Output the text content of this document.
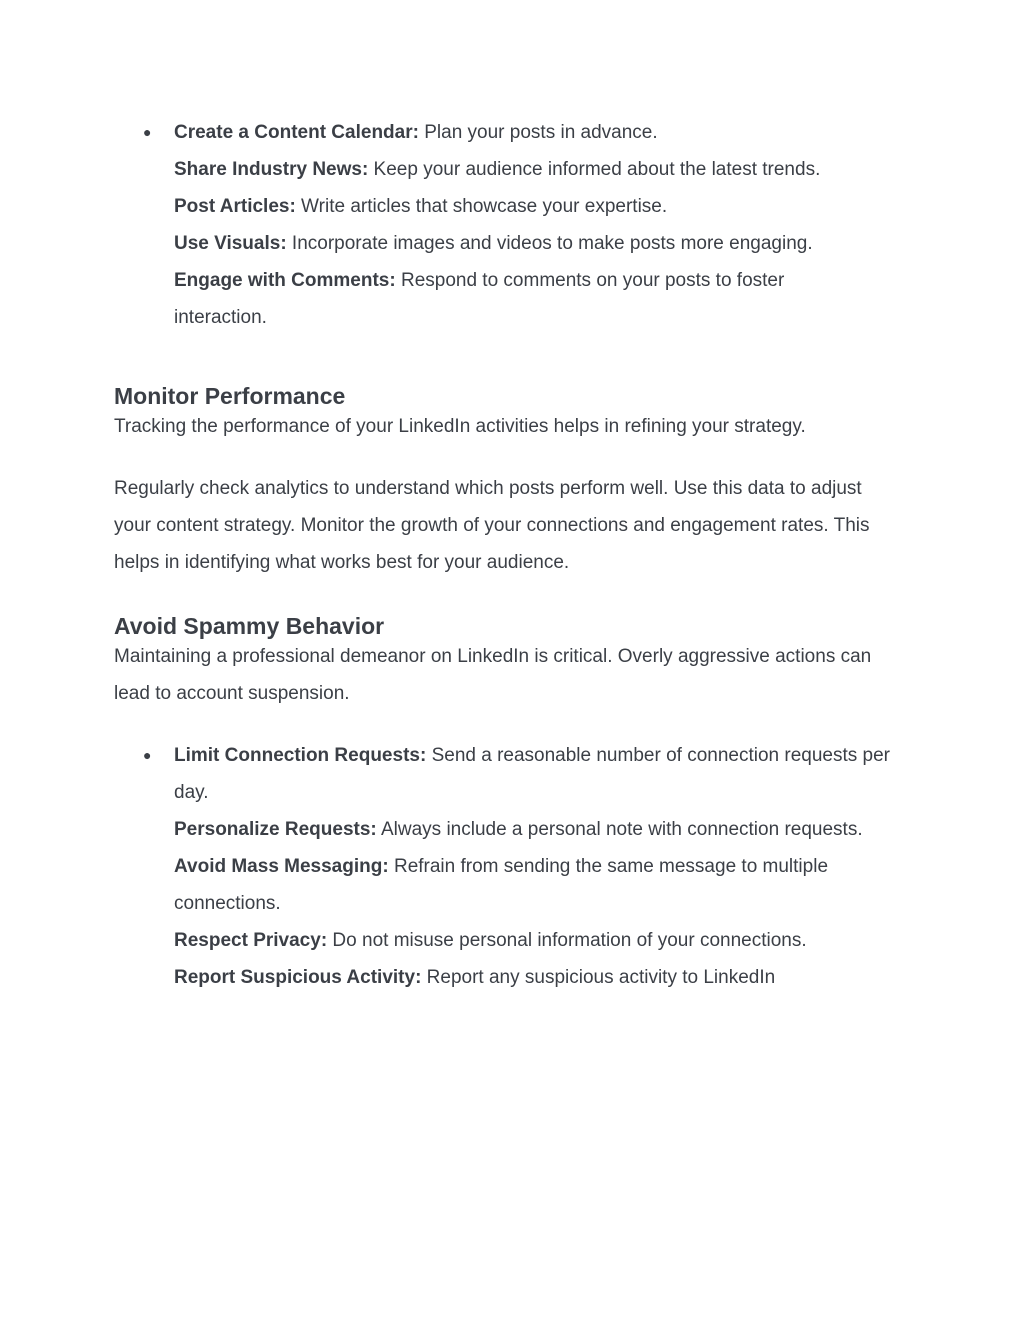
● Create a Content Calendar: Plan your posts in advance.
Share Industry News: Keep your audience informed about the latest trends.
Post Articles: Write articles that showcase your expertise.
Use Visuals: Incorporate images and videos to make posts more engaging.
Engage with Comments: Respond to comments on your posts to foster interaction.
Monitor Performance

Tracking the performance of your LinkedIn activities helps in refining your strategy.

Regularly check analytics to understand which posts perform well. Use this data to adjust your content strategy. Monitor the growth of your connections and engagement rates. This helps in identifying what works best for your audience.

Avoid Spammy Behavior

Maintaining a professional demeanor on LinkedIn is critical. Overly aggressive actions can lead to account suspension.

● Limit Connection Requests: Send a reasonable number of connection requests per day.
Personalize Requests: Always include a personal note with connection requests.
Avoid Mass Messaging: Refrain from sending the same message to multiple connections.
Respect Privacy: Do not misuse personal information of your connections.
Report Suspicious Activity: Report any suspicious activity to LinkedIn
